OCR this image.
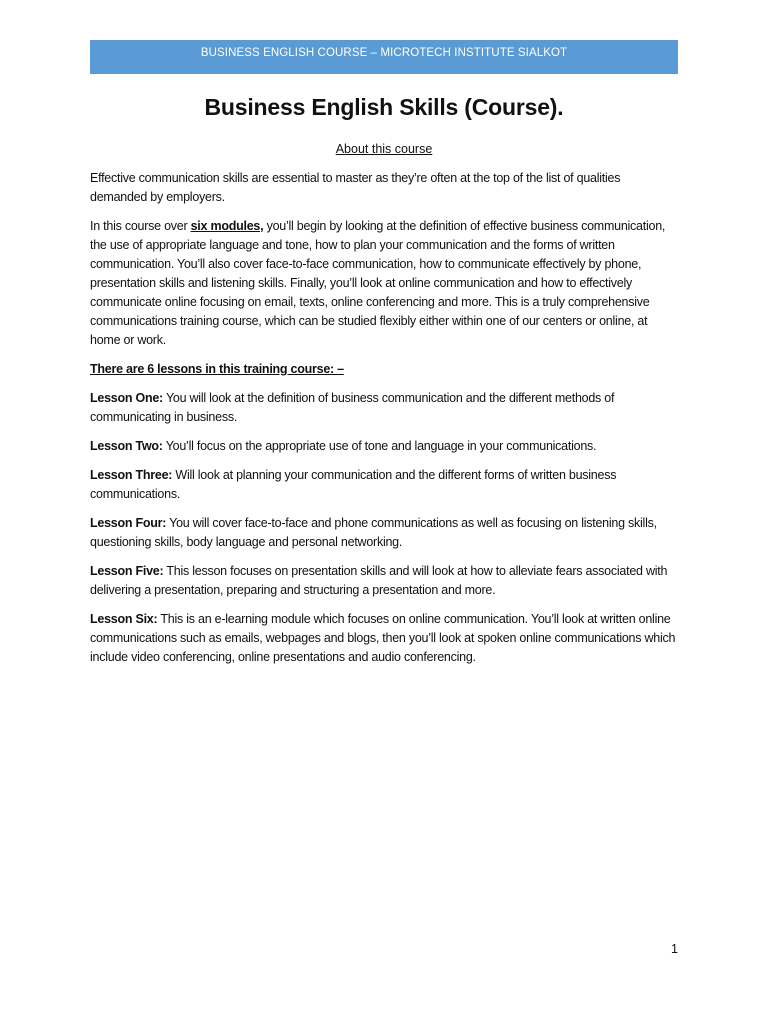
BUSINESS ENGLISH COURSE – MICROTECH INSTITUTE SIALKOT
Business English Skills (Course).
About this course

Effective communication skills are essential to master as they’re often at the top of the list of qualities demanded by employers.

In this course over six modules, you’ll begin by looking at the definition of effective business communication, the use of appropriate language and tone, how to plan your communication and the forms of written communication. You’ll also cover face-to-face communication, how to communicate effectively by phone, presentation skills and listening skills. Finally, you’ll look at online communication and how to effectively communicate online focusing on email, texts, online conferencing and more. This is a truly comprehensive communications training course, which can be studied flexibly either within one of our centers or online, at home or work.

There are 6 lessons in this training course: –

Lesson One: You will look at the definition of business communication and the different methods of communicating in business.

Lesson Two: You’ll focus on the appropriate use of tone and language in your communications.

Lesson Three: Will look at planning your communication and the different forms of written business communications.

Lesson Four: You will cover face-to-face and phone communications as well as focusing on listening skills, questioning skills, body language and personal networking.

Lesson Five: This lesson focuses on presentation skills and will look at how to alleviate fears associated with delivering a presentation, preparing and structuring a presentation and more.

Lesson Six: This is an e-learning module which focuses on online communication. You’ll look at written online communications such as emails, webpages and blogs, then you’ll look at spoken online communications which include video conferencing, online presentations and audio conferencing.

1
